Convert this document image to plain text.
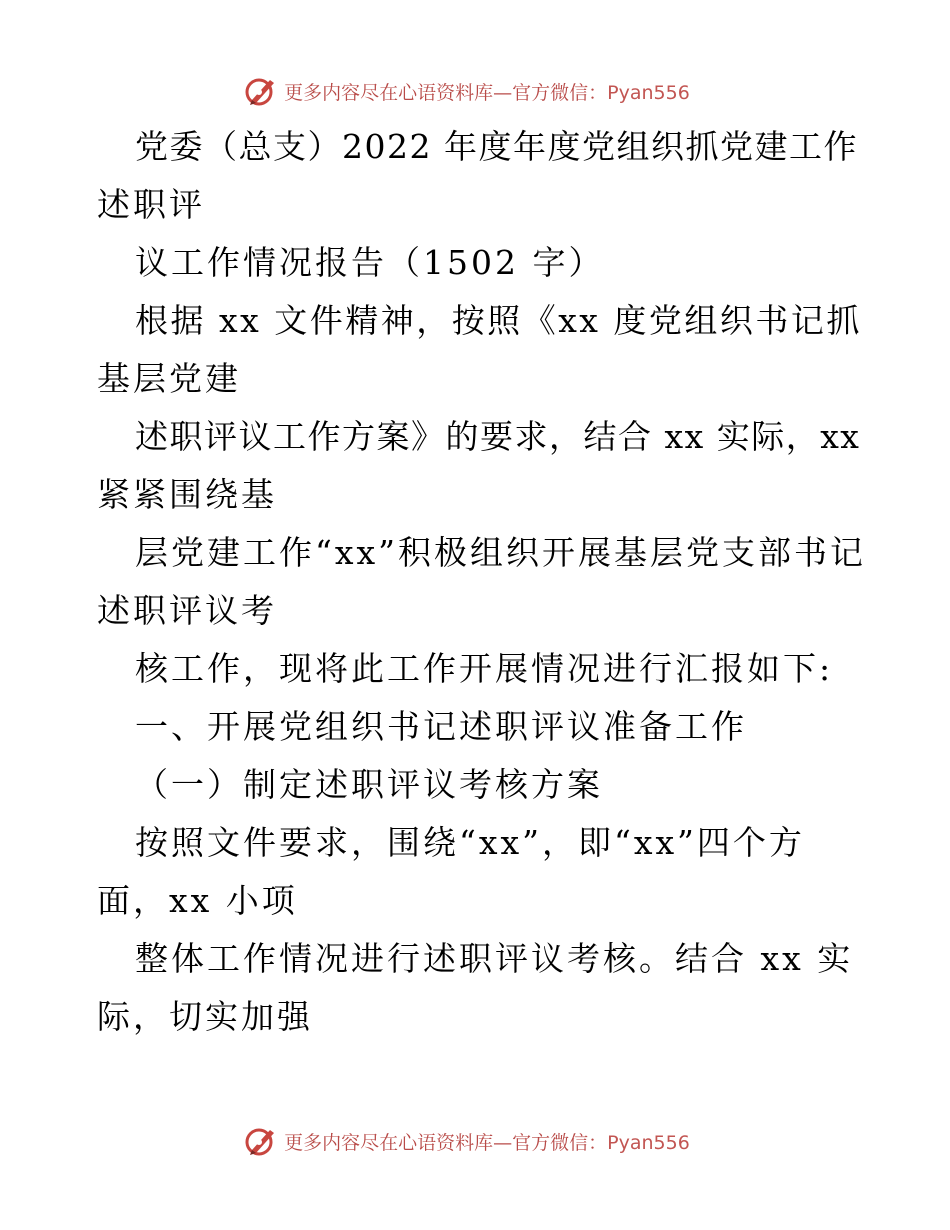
更多内容尽在心语资料库—官方微信：Pyan556
党委（总支）2022 年度年度党组织抓党建工作
述职评
议工作情况报告（1502 字）
根据 xx 文件精神，按照《xx 度党组织书记抓
基层党建
述职评议工作方案》的要求，结合 xx 实际，xx
紧紧围绕基
层党建工作“xx”积极组织开展基层党支部书记
述职评议考
核工作，现将此工作开展情况进行汇报如下:
一、开展党组织书记述职评议准备工作
（一）制定述职评议考核方案
按照文件要求，围绕“xx”，即“xx”四个方
面，xx 小项
整体工作情况进行述职评议考核。结合 xx 实
际，切实加强
更多内容尽在心语资料库—官方微信：Pyan556
